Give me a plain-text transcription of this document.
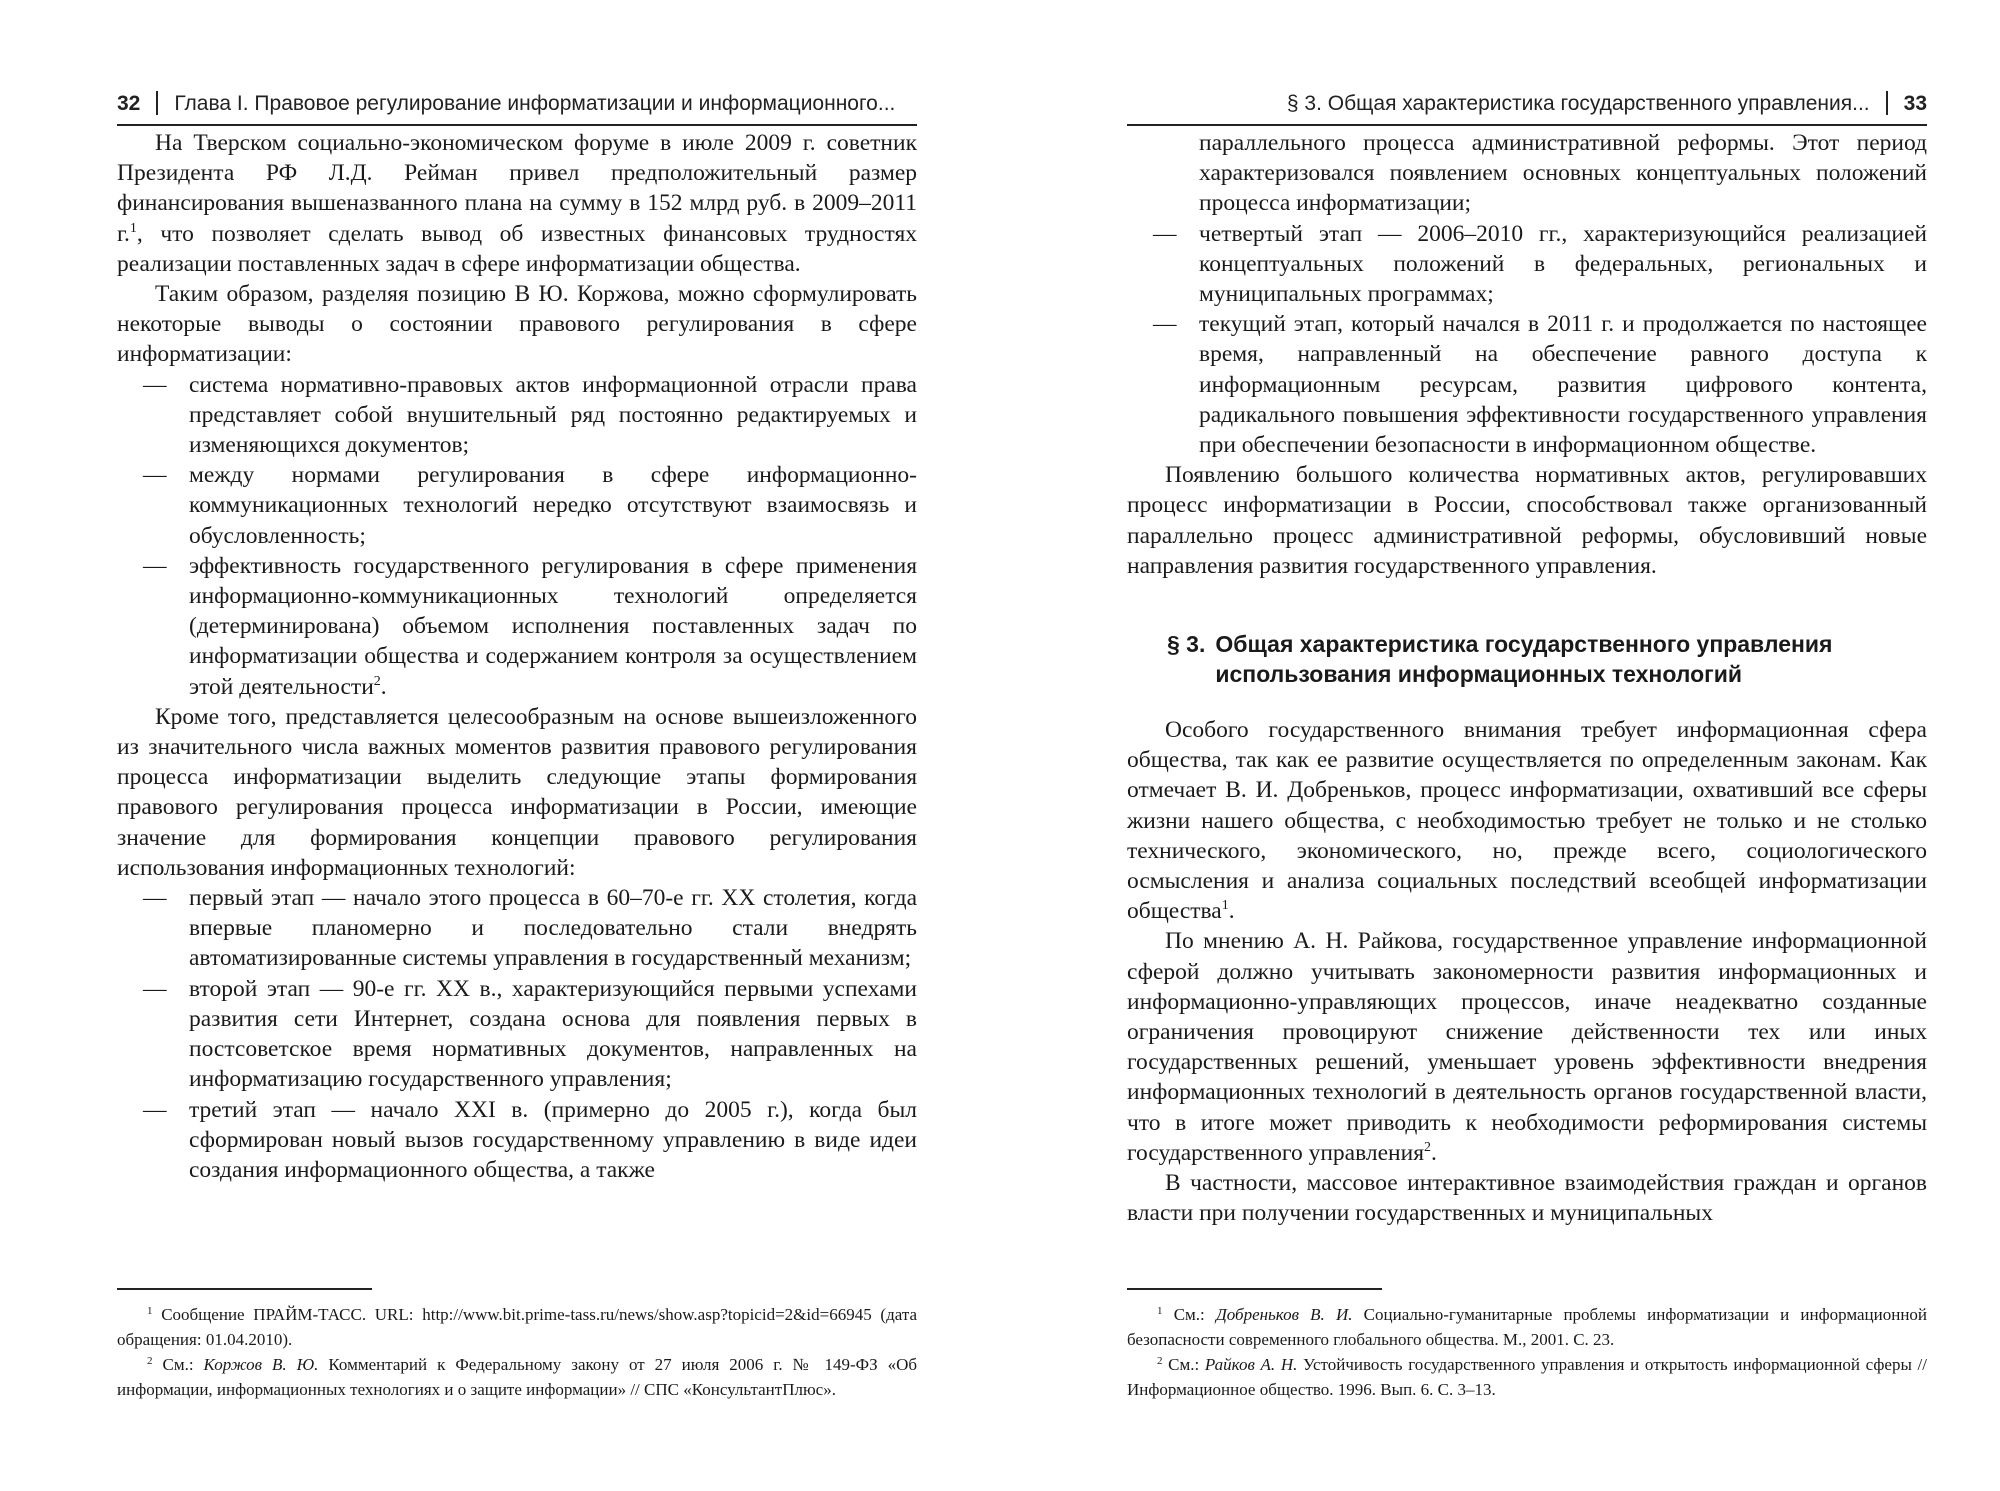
32 Глава I. Правовое регулирование информатизации и информационного...

На Тверском социально-экономическом форуме в июле 2009 г. советник Президента РФ Л.Д. Рейман привел предположительный размер финансирования вышеназванного плана на сумму в 152 млрд руб. в 2009–2011 г.$^1$, что позволяет сделать вывод об известных финансовых трудностях реализации поставленных задач в сфере информатизации общества.

Таким образом, разделяя позицию В Ю. Коржова, можно сформулировать некоторые выводы о состоянии правового регулирования в сфере информатизации:

— система нормативно-правовых актов информационной отрасли права представляет собой внушительный ряд постоянно редактируемых и изменяющихся документов;
— между нормами регулирования в сфере информационно-коммуникационных технологий нередко отсутствуют взаимосвязь и обусловленность;
— эффективность государственного регулирования в сфере применения информационно-коммуникационных технологий определяется (детерминирована) объемом исполнения поставленных задач по информатизации общества и содержанием контроля за осуществлением этой деятельности$^2$.

Кроме того, представляется целесообразным на основе вышеизложенного из значительного числа важных моментов развития правового регулирования процесса информатизации выделить следующие этапы формирования правового регулирования процесса информатизации в России, имеющие значение для формирования концепции правового регулирования использования информационных технологий:

— первый этап — начало этого процесса в 60–70-е гг. XX столетия, когда впервые планомерно и последовательно стали внедрять автоматизированные системы управления в государственный механизм;
— второй этап — 90-е гг. XX в., характеризующийся первыми успехами развития сети Интернет, создана основа для появления первых в постсоветское время нормативных документов, направленных на информатизацию государственного управления;
— третий этап — начало XXI в. (примерно до 2005 г.), когда был сформирован новый вызов государственному управлению в виде идеи создания информационного общества, а также

$^1$ Сообщение ПРАЙМ-ТАСС. URL: http://www.bit.prime-tass.ru/news/show.asp?topicid=2&id=66945 (дата обращения: 01.04.2010).

$^2$ См.: Коржов В. Ю. Комментарий к Федеральному закону от 27 июля 2006 г. № 149-ФЗ «Об информации, информационных технологиях и о защите информации» // СПС «КонсультантПлюс».

§ 3. Общая характеристика государственного управления... 33
параллельного процесса административной реформы. Этот период характеризовался появлением основных концептуальных положений процесса информатизации;
— четвертый этап — 2006–2010 гг., характеризующийся реализацией концептуальных положений в федеральных, региональных и муниципальных программах;
— текущий этап, который начался в 2011 г. и продолжается по настоящее время, направленный на обеспечение равного доступа к информационным ресурсам, развития цифрового контента, радикального повышения эффективности государственного управления при обеспечении безопасности в информационном обществе.

Появлению большого количества нормативных актов, регулировавших процесс информатизации в России, способствовал также организованный параллельно процесс административной реформы, обусловивший новые направления развития государственного управления.

§ 3. Общая характеристика государственного управления использования информационных технологий

Особого государственного внимания требует информационная сфера общества, так как ее развитие осуществляется по определенным законам. Как отмечает В. И. Добреньков, процесс информатизации, охвативший все сферы жизни нашего общества, с необходимостью требует не только и не столько технического, экономического, но, прежде всего, социологического осмысления и анализа социальных последствий всеобщей информатизации общества$^1$.

По мнению А. Н. Райкова, государственное управление информационной сферой должно учитывать закономерности развития информационных и информационно-управляющих процессов, иначе неадекватно созданные ограничения провоцируют снижение действенности тех или иных государственных решений, уменьшает уровень эффективности внедрения информационных технологий в деятельность органов государственной власти, что в итоге может приводить к необходимости реформирования системы государственного управления$^2$.

В частности, массовое интерактивное взаимодействия граждан и органов власти при получении государственных и муниципальных

$^1$ См.: Добреньков В. И. Социально-гуманитарные проблемы информатизации и информационной безопасности современного глобального общества. М., 2001. С. 23.

$^2$ См.: Райков А. Н. Устойчивость государственного управления и открытость информационной сферы // Информационное общество. 1996. Вып. 6. С. 3–13.
